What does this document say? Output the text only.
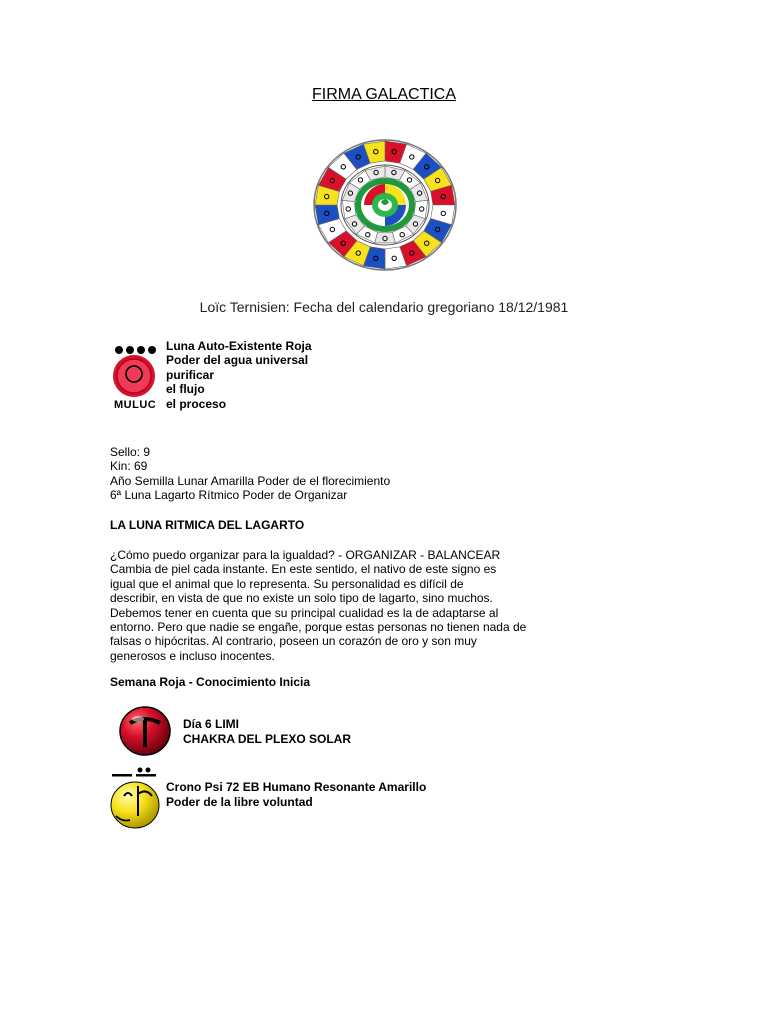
FIRMA GALACTICA
Loïc Ternisien: Fecha del calendario gregoriano 18/12/1981
MULUC
Luna Auto-Existente Roja
Poder del agua universal
purificar
el flujo
el proceso
Sello: 9
Kin: 69
Año Semilla Lunar Amarilla Poder de el florecimiento
6ª Luna Lagarto Rítmico Poder de Organizar
LA LUNA RITMICA DEL LAGARTO
¿Cómo puedo organizar para la igualdad? - ORGANIZAR - BALANCEAR
Cambia de piel cada instante. En este sentido, el nativo de este signo es
igual que el animal que lo representa. Su personalidad es difícil de
describir, en vista de que no existe un solo tipo de lagarto, sino muchos.
Debemos tener en cuenta que su principal cualidad es la de adaptarse al
entorno. Pero que nadie se engañe, porque estas personas no tienen nada de
falsas o hipócritas. Al contrario, poseen un corazón de oro y son muy
generosos e incluso inocentes.
Semana Roja - Conocimiento Inicia
Día 6 LIMI
CHAKRA DEL PLEXO SOLAR
Crono Psi 72 EB Humano Resonante Amarillo
Poder de la libre voluntad
